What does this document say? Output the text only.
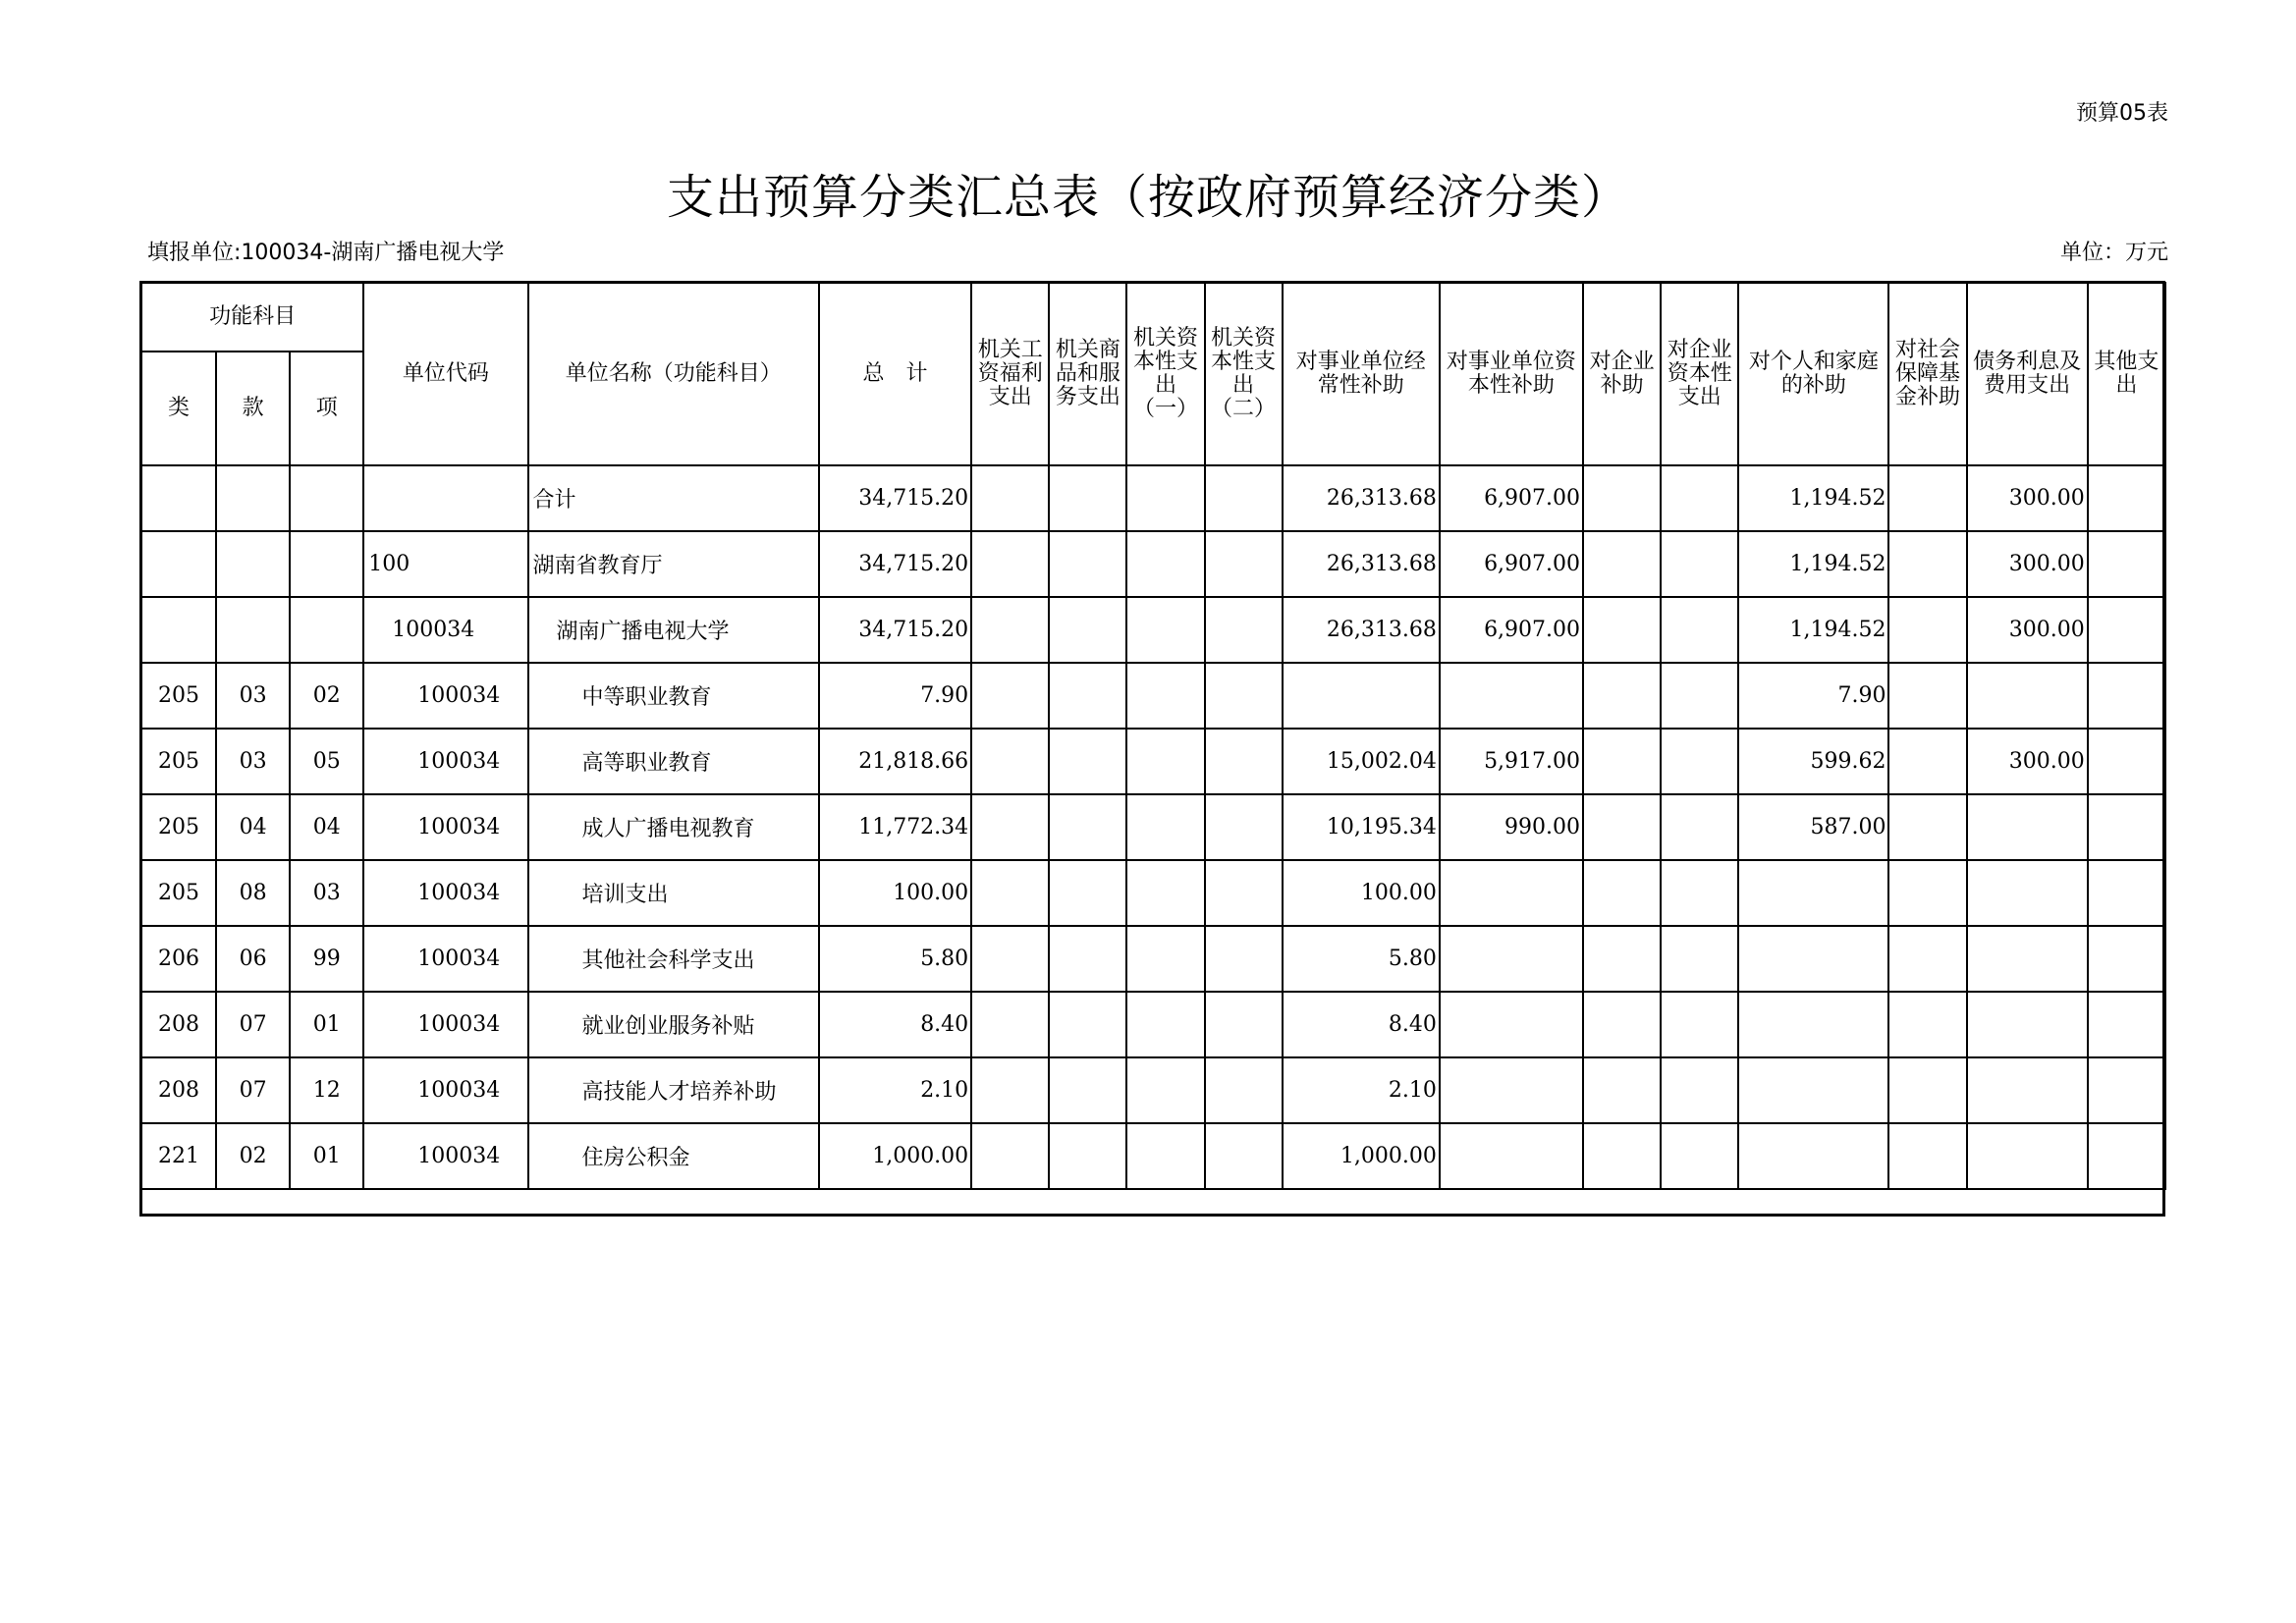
预算05表
支出预算分类汇总表（按政府预算经济分类）
填报单位:100034-湖南广播电视大学	单位：万元
功能科目			单位代码	单位名称（功能科目）	总　计	机关工资福利支出	机关商品和服务支出	机关资本性支出（一）	机关资本性支出（二）	对事业单位经常性补助	对事业单位资本性补助	对企业补助	对企业资本性支出	对个人和家庭的补助	对社会保障基金补助	债务利息及费用支出	其他支出
类	款	项															
				合计	34,715.20					26,313.68	6,907.00			1,194.52		300.00	
			100	湖南省教育厅	34,715.20					26,313.68	6,907.00			1,194.52		300.00	
			100034	湖南广播电视大学	34,715.20					26,313.68	6,907.00			1,194.52		300.00	
205	03	02	100034	中等职业教育	7.90									7.90			
205	03	05	100034	高等职业教育	21,818.66					15,002.04	5,917.00			599.62		300.00	
205	04	04	100034	成人广播电视教育	11,772.34					10,195.34	990.00			587.00			
205	08	03	100034	培训支出	100.00					100.00							
206	06	99	100034	其他社会科学支出	5.80					5.80							
208	07	01	100034	就业创业服务补贴	8.40					8.40							
208	07	12	100034	高技能人才培养补助	2.10					2.10							
221	02	01	100034	住房公积金	1,000.00					1,000.00							
